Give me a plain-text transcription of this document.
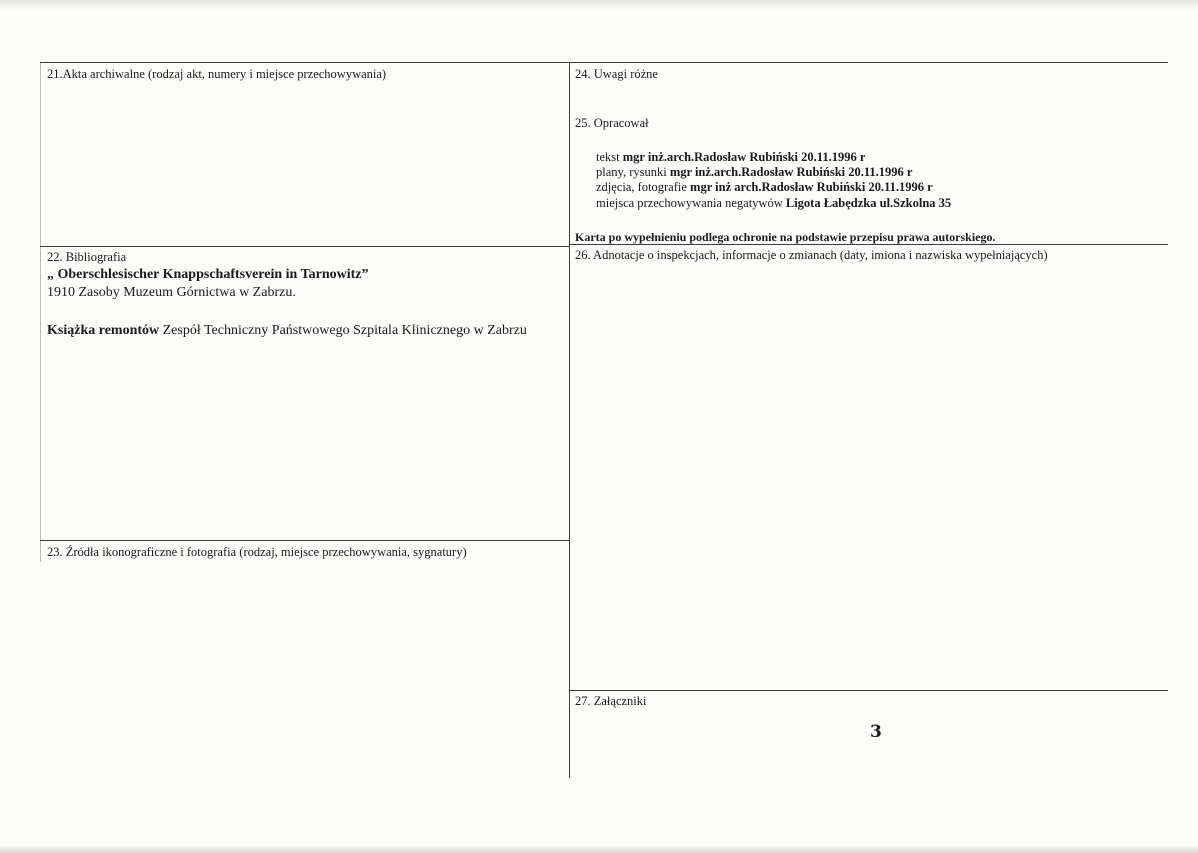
21.Akta archiwalne (rodzaj akt, numery i miejsce przechowywania)
22. Bibliografia
„ Oberschlesischer Knappschaftsverein in Tarnowitz”
1910 Zasoby Muzeum Górnictwa w Zabrzu.
Książka remontów Zespół Techniczny Państwowego Szpitala Klinicznego w Zabrzu
23. Źródła ikonograficzne i fotografia (rodzaj, miejsce przechowywania, sygnatury)
24. Uwagi różne
25. Opracował
tekst mgr inż.arch.Radosław Rubiński 20.11.1996 r
plany, rysunki mgr inż.arch.Radosław Rubiński 20.11.1996 r
zdjęcia, fotografie mgr inż arch.Radosław Rubiński 20.11.1996 r
miejsca przechowywania negatywów Ligota Łabędzka ul.Szkolna 35
Karta po wypełnieniu podlega ochronie na podstawie przepisu prawa autorskiego.
26. Adnotacje o inspekcjach, informacje o zmianach (daty, imiona i nazwiska wypełniających)
27. Załączniki
3
